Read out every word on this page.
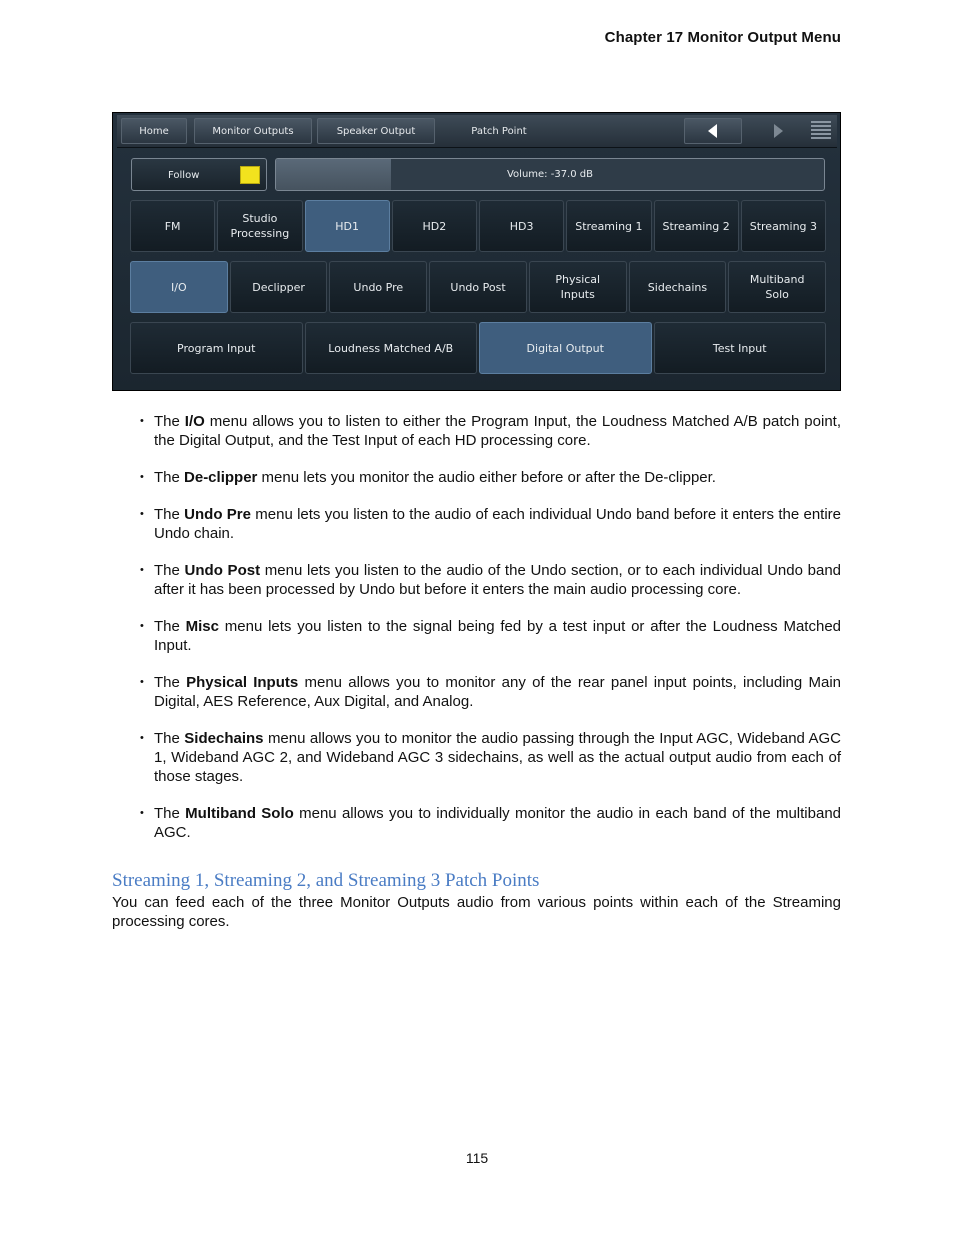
Chapter 17 Monitor Output Menu
Home	Monitor Outputs	Speaker Output	Patch Point
Follow	Volume: -37.0 dB
FM
Studio
Processing
HD1	HD2	HD3	Streaming 1	Streaming 2	Streaming 3
I/O	Declipper	Undo Pre	Undo Post
Physical
Inputs
Sidechains
Multiband
Solo
Program Input	Loudness Matched A/B	Digital Output	Test Input
• The I/O menu allows you to listen to either the Program Input, the Loudness Matched A/B patch point, the Digital Output, and the Test Input of each HD processing core.
• The De-clipper menu lets you monitor the audio either before or after the De-clipper.
• The Undo Pre menu lets you listen to the audio of each individual Undo band before it enters the entire Undo chain.
• The Undo Post menu lets you listen to the audio of the Undo section, or to each individual Undo band after it has been processed by Undo but before it enters the main audio processing core.
• The Misc menu lets you listen to the signal being fed by a test input or after the Loudness Matched Input.
• The Physical Inputs menu allows you to monitor any of the rear panel input points, including Main Digital, AES Reference, Aux Digital, and Analog.
• The Sidechains menu allows you to monitor the audio passing through the Input AGC, Wideband AGC 1, Wideband AGC 2, and Wideband AGC 3 sidechains, as well as the actual output audio from each of those stages.
• The Multiband Solo menu allows you to individually monitor the audio in each band of the multiband AGC.
Streaming 1, Streaming 2, and Streaming 3 Patch Points
You can feed each of the three Monitor Outputs audio from various points within each of the Streaming processing cores.
115
